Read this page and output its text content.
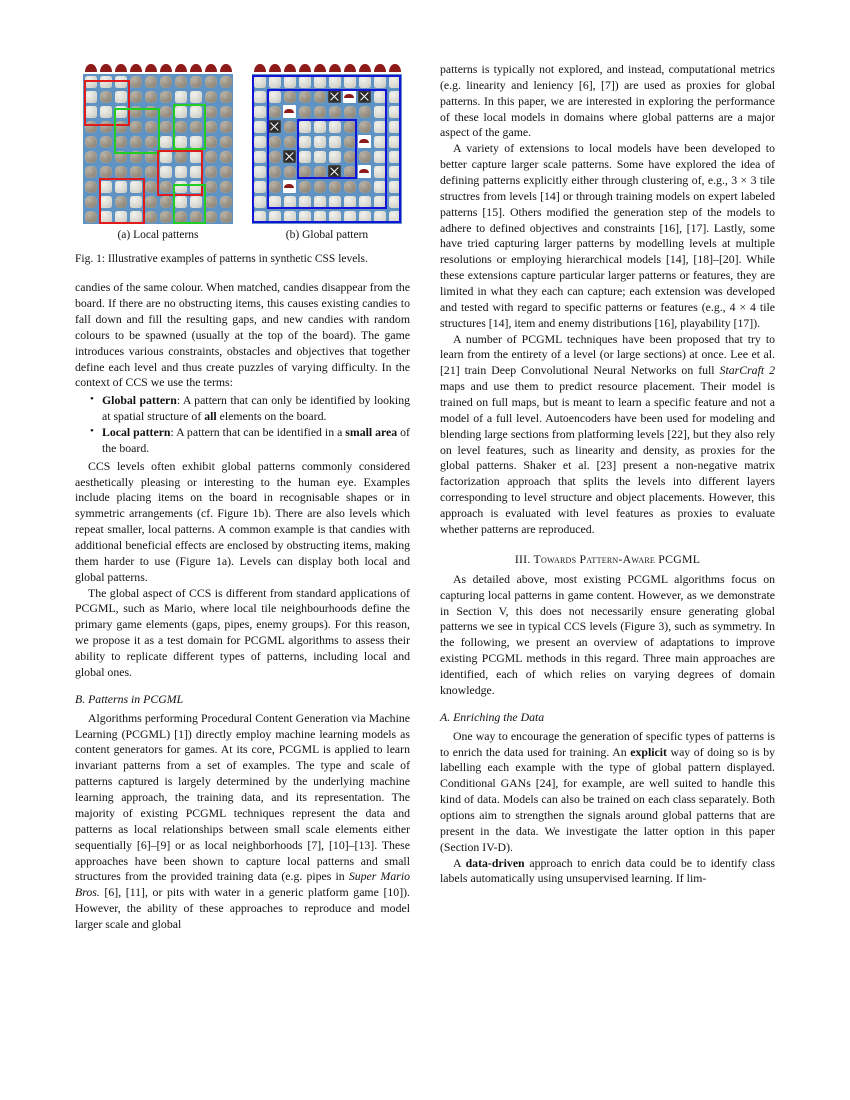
(a) Local patterns	(b) Global pattern
Fig. 1: Illustrative examples of patterns in synthetic CSS levels.

candies of the same colour. When matched, candies disappear from the board. If there are no obstructing items, this causes existing candies to fall down and fill the resulting gaps, and new candies with random colours to be spawned (usually at the top of the board). The game introduces various constraints, obstacles and objectives that together define each level and thus create puzzles of varying difficulty. In the context of CCS we use the terms:

• Global pattern: A pattern that can only be identified by looking at spatial structure of all elements on the board.
• Local pattern: A pattern that can be identified in a small area of the board.

CCS levels often exhibit global patterns commonly considered aesthetically pleasing or interesting to the human eye. Examples include placing items on the board in recognisable shapes or in symmetric arrangements (cf. Figure 1b). There are also levels which repeat smaller, local patterns. A common example is that candies with additional beneficial effects are enclosed by obstructing items, making them harder to use (Figure 1a). Levels can display both local and global patterns.

The global aspect of CCS is different from standard applications of PCGML, such as Mario, where local tile neighbourhoods define the primary game elements (gaps, pipes, enemy groups). For this reason, we propose it as a test domain for PCGML algorithms to assess their ability to replicate different types of patterns, including local and global ones.

B. Patterns in PCGML

Algorithms performing Procedural Content Generation via Machine Learning (PCGML) [1]) directly employ machine learning models as content generators for games. At its core, PCGML is applied to learn invariant patterns from a set of examples. The type and scale of patterns captured is largely determined by the underlying machine learning approach, the training data, and its representation. The majority of existing PCGML techniques represent the data and patterns as local relationships between small scale elements either sequentially [6]–[9] or as local neighborhoods [7], [10]–[13]. These approaches have been shown to capture local patterns and small structures from the provided training data (e.g. pipes in Super Mario Bros. [6], [11], or pits with water in a generic platform game [10]). However, the ability of these approaches to reproduce and model larger scale and global

patterns is typically not explored, and instead, computational metrics (e.g. linearity and leniency [6], [7]) are used as proxies for global patterns. In this paper, we are interested in exploring the performance of these local models in domains where global patterns are a major aspect of the game.

A variety of extensions to local models have been developed to better capture larger scale patterns. Some have explored the idea of defining patterns explicitly either through clustering of, e.g., 3 × 3 tile structres from levels [14] or through training models on expert labeled patterns [15]. Others modified the generation step of the models to adhere to defined objectives and constraints [16], [17]. Lastly, some have tried capturing larger patterns by modelling levels at multiple resolutions or employing hierarchical models [14], [18]–[20]. While these extensions capture particular larger patterns or features, they are limited in what they each can capture; each extension was developed and tested with regard to specific patterns or features (e.g., 4 × 4 tile structures [14], item and enemy distributions [16], playability [17]).

A number of PCGML techniques have been proposed that try to learn from the entirety of a level (or large sections) at once. Lee et al. [21] train Deep Convolutional Neural Networks on full StarCraft 2 maps and use them to predict resource placement. Their model is trained on full maps, but is meant to learn a specific feature and not a model of a full level. Autoencoders have been used for modeling and blending large sections from platforming levels [22], but they also rely on level features, such as linearity and density, as proxies for the global patterns. Shaker et al. [23] present a non-negative matrix factorization approach that splits the levels into different layers corresponding to level structure and object placements. However, this approach is evaluated with level features as proxies to evaluate whether patterns are reproduced.

III. Towards Pattern-Aware PCGML

As detailed above, most existing PCGML algorithms focus on capturing local patterns in game content. However, as we demonstrate in Section V, this does not necessarily ensure generating global patterns we see in typical CCS levels (Figure 3), such as symmetry. In the following, we present an overview of adaptations to improve existing PCGML methods in this regard. Three main approaches are identified, each of which relies on varying degrees of domain knowledge.

A. Enriching the Data

One way to encourage the generation of specific types of patterns is to enrich the data used for training. An explicit way of doing so is by labelling each example with the type of global pattern displayed. Conditional GANs [24], for example, are well suited to handle this kind of data. Models can also be trained on each class separately. Both options aim to strengthen the signals around global patterns that are present in the data. We investigate the latter option in this paper (Section IV-D).

A data-driven approach to enrich data could be to identify class labels automatically using unsupervised learning. If lim-
